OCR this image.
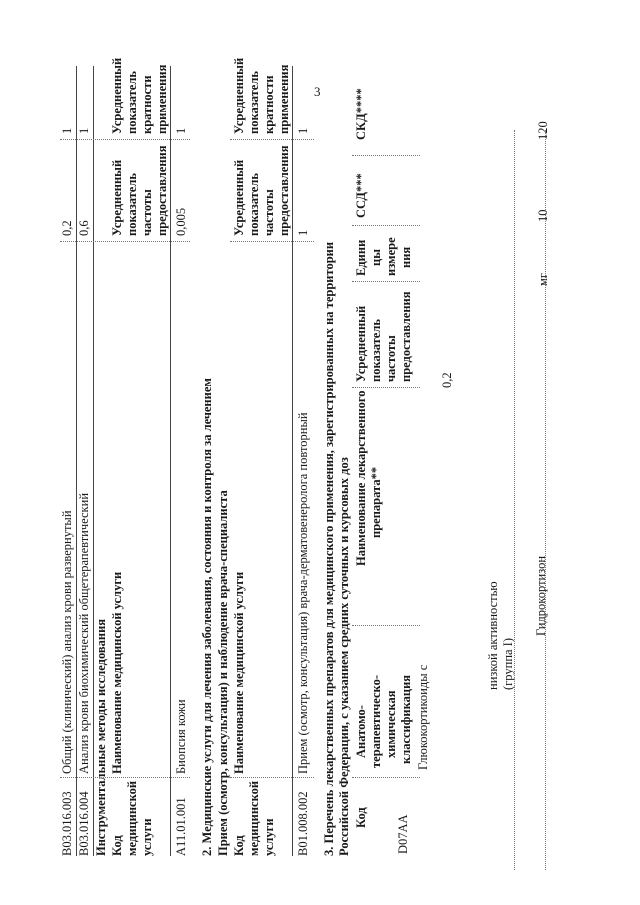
3
B03.016.003
Общий (клинический) анализ крови развернутый
0,2
1
B03.016.004
Анализ крови биохимический общетерапевтический
0,6
1
Инструментальные методы исследования Код медицинской услуги
Наименование медицинской услуги
Усредненный показатель частоты предоставления
Усредненный показатель кратности применения
A11.01.001
Биопсия кожи
0,005
1
2. Медицинские услуги для лечения заболевания, состояния и контроля за лечением Прием (осмотр, консультация) и наблюдение врача-специалиста Код медицинской услуги
Наименование медицинской услуги
Усредненный показатель частоты предоставления
Усредненный показатель кратности применения
B01.008.002
Прием (осмотр, консультация) врача-дерматовенеролога повторный
1
1
3. Перечень лекарственных препаратов для медицинского применения, зарегистрированных на территории Российской Федерации, с указанием средних суточных и курсовых доз Код
Анатомо- терапевтическо- химическая классификация
Наименование лекарственного препарата**
Усредненный показатель частоты предоставления
Едини цы измере ния
ССД***
СКД****
D07AA
Глюкокортикоиды с
низкой активностью (группа I)
0,2
Гидрокортизон
мг
10
120
